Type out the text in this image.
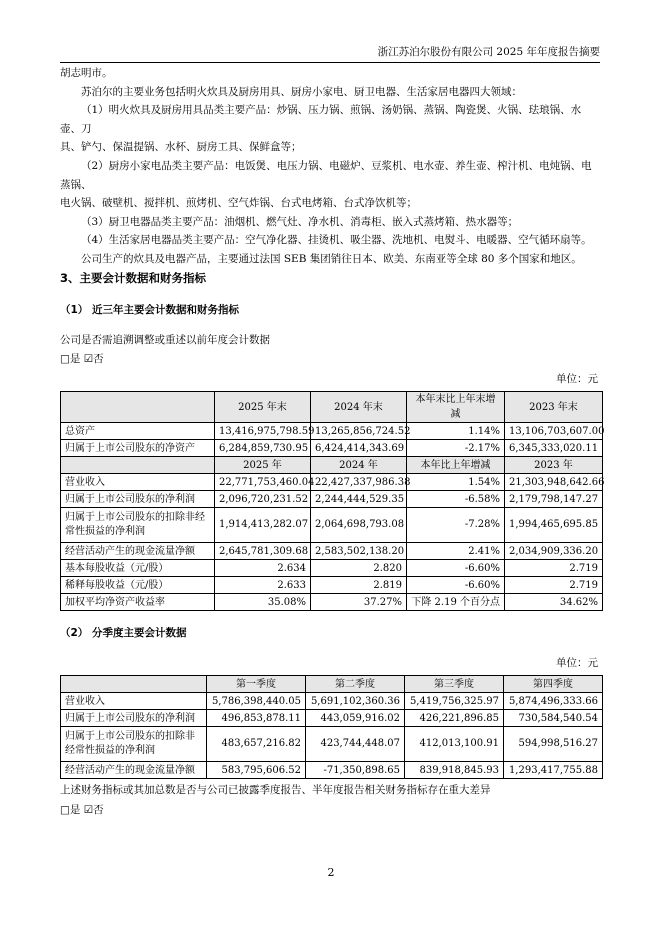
浙江苏泊尔股份有限公司 2025 年年度报告摘要

胡志明市。

苏泊尔的主要业务包括明火炊具及厨房用具、厨房小家电、厨卫电器、生活家居电器四大领域：

（1）明火炊具及厨房用具品类主要产品：炒锅、压力锅、煎锅、汤奶锅、蒸锅、陶瓷煲、火锅、珐琅锅、水壶、刀

具、铲勺、保温提锅、水杯、厨房工具、保鲜盒等；

（2）厨房小家电品类主要产品：电饭煲、电压力锅、电磁炉、豆浆机、电水壶、养生壶、榨汁机、电炖锅、电蒸锅、

电火锅、破壁机、搅拌机、煎烤机、空气炸锅、台式电烤箱、台式净饮机等；

（3）厨卫电器品类主要产品：油烟机、燃气灶、净水机、消毒柜、嵌入式蒸烤箱、热水器等；

（4）生活家居电器品类主要产品：空气净化器、挂烫机、吸尘器、洗地机、电熨斗、电暖器、空气循环扇等。

公司生产的炊具及电器产品，主要通过法国 SEB 集团销往日本、欧美、东南亚等全球 80 多个国家和地区。

3、主要会计数据和财务指标
（1） 近三年主要会计数据和财务指标
公司是否需追溯调整或重述以前年度会计数据
□是 ☑否
单位：元
	2025 年末	2024 年末	本年末比上年末增减	2023 年末
总资产	13,416,975,798.59	13,265,856,724.52	1.14%	13,106,703,607.00
归属于上市公司股东的净资产	6,284,859,730.95	6,424,414,343.69	-2.17%	6,345,333,020.11
	2025 年	2024 年	本年比上年增减	2023 年
营业收入	22,771,753,460.04	22,427,337,986.38	1.54%	21,303,948,642.66
归属于上市公司股东的净利润	2,096,720,231.52	2,244,444,529.35	-6.58%	2,179,798,147.27
归属于上市公司股东的扣除非经常性损益的净利润	1,914,413,282.07	2,064,698,793.08	-7.28%	1,994,465,695.85
经营活动产生的现金流量净额	2,645,781,309.68	2,583,502,138.20	2.41%	2,034,909,336.20
基本每股收益（元/股）	2.634	2.820	-6.60%	2.719
稀释每股收益（元/股）	2.633	2.819	-6.60%	2.719
加权平均净资产收益率	35.08%	37.27%	下降 2.19 个百分点	34.62%
（2） 分季度主要会计数据
单位：元
	第一季度	第二季度	第三季度	第四季度
营业收入	5,786,398,440.05	5,691,102,360.36	5,419,756,325.97	5,874,496,333.66
归属于上市公司股东的净利润	496,853,878.11	443,059,916.02	426,221,896.85	730,584,540.54
归属于上市公司股东的扣除非经常性损益的净利润	483,657,216.82	423,744,448.07	412,013,100.91	594,998,516.27
经营活动产生的现金流量净额	583,795,606.52	-71,350,898.65	839,918,845.93	1,293,417,755.88
上述财务指标或其加总数是否与公司已披露季度报告、半年度报告相关财务指标存在重大差异
□是 ☑否
2
